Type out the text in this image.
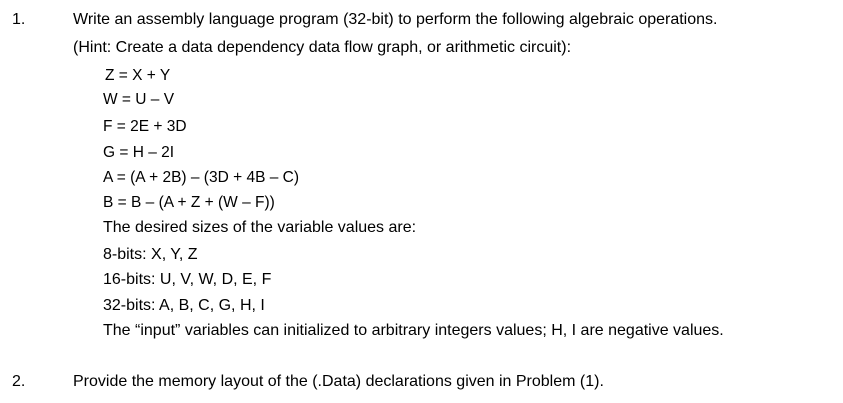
1.	Write an assembly language program (32-bit) to perform the following algebraic operations.
(Hint: Create a data dependency data flow graph, or arithmetic circuit):
Z = X + Y
W = U – V
F = 2E + 3D
G = H – 2I
A = (A + 2B) – (3D + 4B – C)
B = B – (A + Z + (W – F))
The desired sizes of the variable values are:
8-bits: X, Y, Z
16-bits: U, V, W, D, E, F
32-bits: A, B, C, G, H, I
The “input” variables can initialized to arbitrary integers values; H, I are negative values.
2.	Provide the memory layout of the (.Data) declarations given in Problem (1).
